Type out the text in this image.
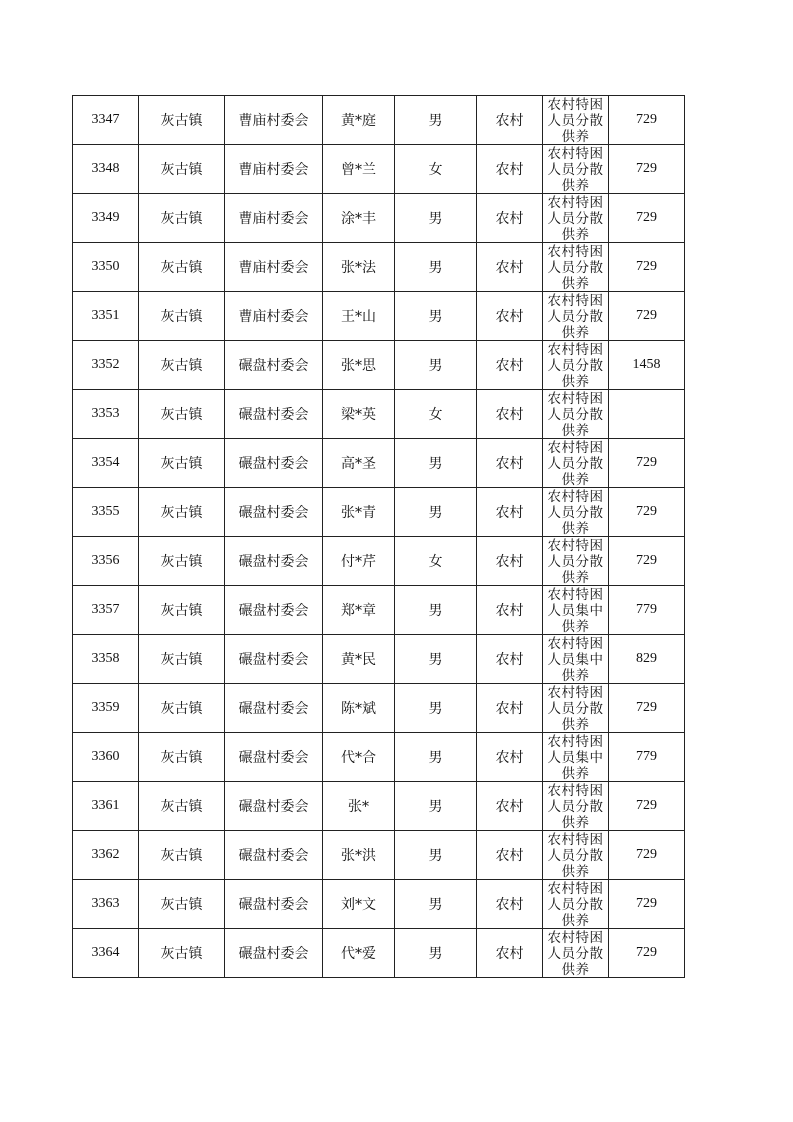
3347	灰古镇	曹庙村委会	黄*庭	男	农村	农村特困人员分散供养	729
3348	灰古镇	曹庙村委会	曾*兰	女	农村	农村特困人员分散供养	729
3349	灰古镇	曹庙村委会	涂*丰	男	农村	农村特困人员分散供养	729
3350	灰古镇	曹庙村委会	张*法	男	农村	农村特困人员分散供养	729
3351	灰古镇	曹庙村委会	王*山	男	农村	农村特困人员分散供养	729
3352	灰古镇	碾盘村委会	张*思	男	农村	农村特困人员分散供养	1458
3353	灰古镇	碾盘村委会	梁*英	女	农村	农村特困人员分散供养	

3354	灰古镇	碾盘村委会	高*圣	男	农村	农村特困人员分散供养	729
3355	灰古镇	碾盘村委会	张*青	男	农村	农村特困人员分散供养	729
3356	灰古镇	碾盘村委会	付*芹	女	农村	农村特困人员分散供养	729
3357	灰古镇	碾盘村委会	郑*章	男	农村	农村特困人员集中供养	779
3358	灰古镇	碾盘村委会	黄*民	男	农村	农村特困人员集中供养	829
3359	灰古镇	碾盘村委会	陈*斌	男	农村	农村特困人员分散供养	729
3360	灰古镇	碾盘村委会	代*合	男	农村	农村特困人员集中供养	779
3361	灰古镇	碾盘村委会	张*	男	农村	农村特困人员分散供养	729
3362	灰古镇	碾盘村委会	张*洪	男	农村	农村特困人员分散供养	729
3363	灰古镇	碾盘村委会	刘*文	男	农村	农村特困人员分散供养	729
3364	灰古镇	碾盘村委会	代*爱	男	农村	农村特困人员分散供养	729
